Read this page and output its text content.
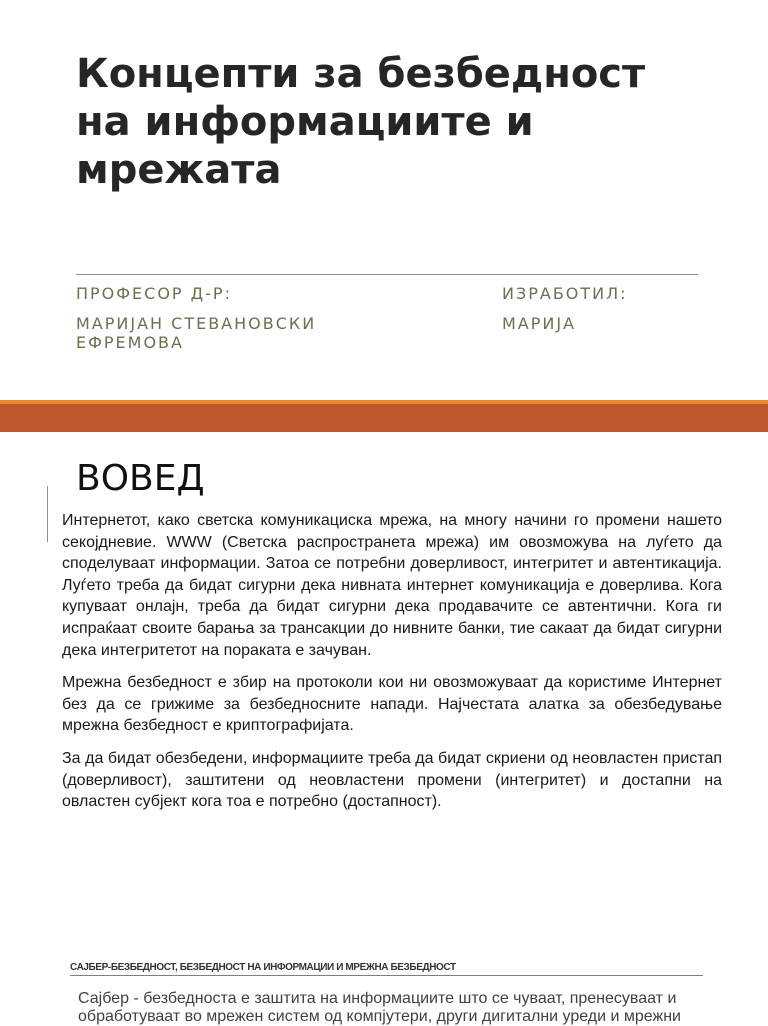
Концепти за безбедност
на информациите и
мрежата
ПРОФЕСОР Д-Р:
МАРИЈАН СТЕВАНОВСКИ ЕФРЕМОВА
ИЗРАБОТИЛ:
МАРИЈА
ВОВЕД

Интернетот, како светска комуникациска мрежа, на многу начини го промени нашето секојдневие. WWW (Светска распространета мрежа) им овозможува на луѓето да споделуваат информации. Затоа се потребни доверливост, интегритет и автентикација. Луѓето треба да бидат сигурни дека нивната интернет комуникација е доверлива. Кога купуваат онлајн, треба да бидат сигурни дека продавачите се автентични. Кога ги испраќаат своите барања за трансакции до нивните банки, тие сакаат да бидат сигурни дека интегритетот на пораката е зачуван.

Мрежна безбедност е збир на протоколи кои ни овозможуваат да користиме Интернет без да се грижиме за безбедносните напади. Најчестата алатка за обезбедување мрежна безбедност е криптографијата.

За да бидат обезбедени, информациите треба да бидат скриени од неовластен пристап (доверливост), заштитени од неовластени промени (интегритет) и достапни на овластен субјект кога тоа е потребно (достапност).

САЈБЕР-БЕЗБЕДНОСТ, БЕЗБЕДНОСТ НА ИНФОРМАЦИИ И МРЕЖНА БЕЗБЕДНОСТ
Сајбер - безбедноста е заштита на информациите што се чуваат, пренесуваат и обработуваат во мрежен систем од компјутери, други дигитални уреди и мрежни
